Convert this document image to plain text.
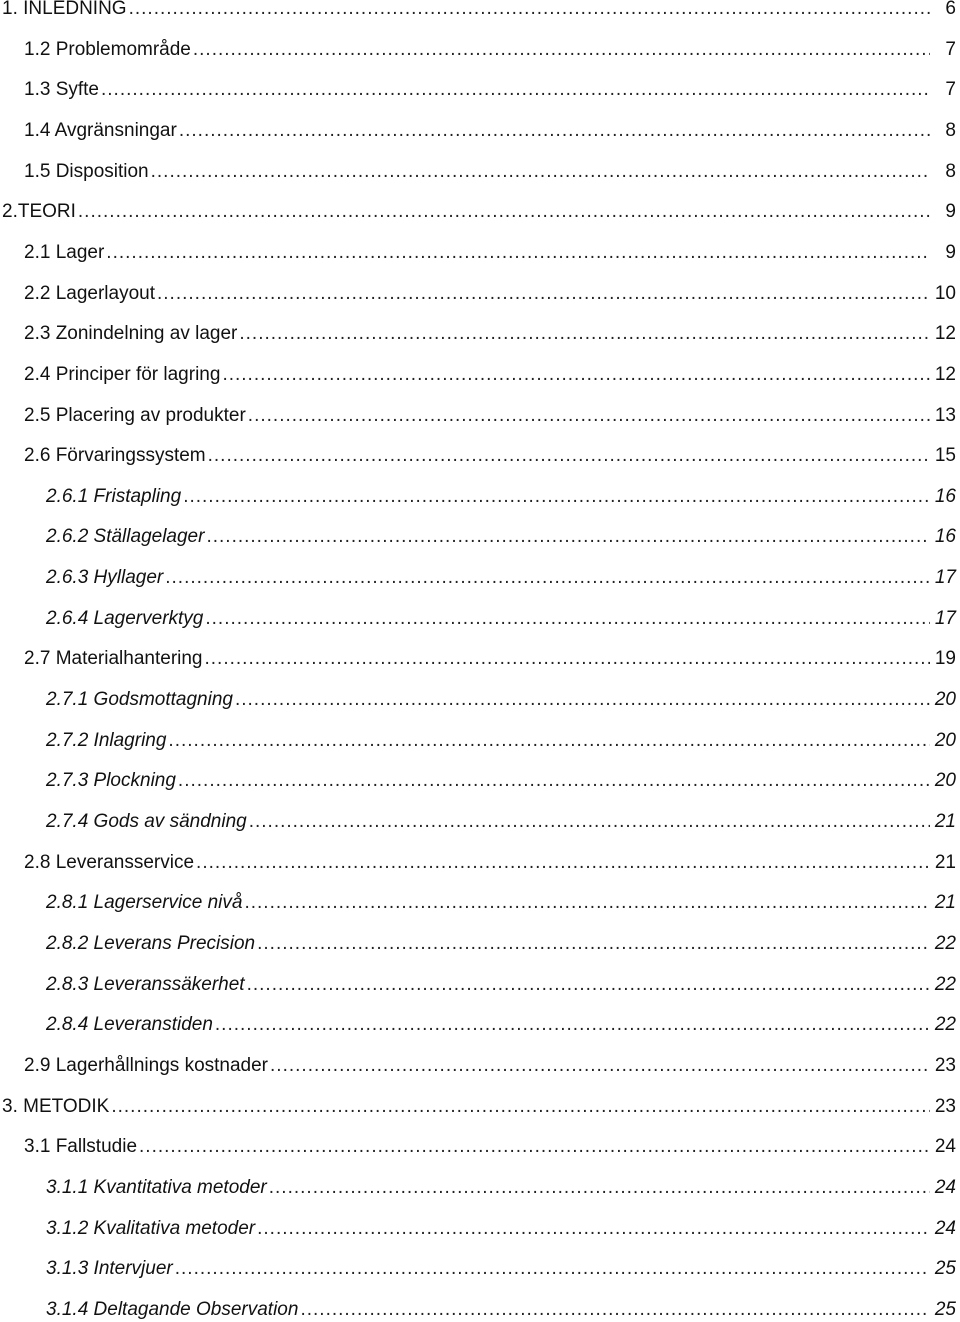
1. INLEDNING .....	6
1.2 Problemområde .....	7
1.3 Syfte .....	7
1.4 Avgränsningar .....	8
1.5 Disposition .....	8
2.TEORI .....	9
2.1 Lager .....	9
2.2 Lagerlayout .....	10
2.3 Zonindelning av lager .....	12
2.4 Principer för lagring .....	12
2.5 Placering av produkter .....	13
2.6 Förvaringssystem .....	15
2.6.1 Fristapling .....	16
2.6.2 Ställagelager .....	16
2.6.3 Hyllager .....	17
2.6.4 Lagerverktyg .....	17
2.7 Materialhantering .....	19
2.7.1 Godsmottagning .....	20
2.7.2 Inlagring .....	20
2.7.3 Plockning .....	20
2.7.4 Gods av sändning .....	21
2.8 Leveransservice .....	21
2.8.1 Lagerservice nivå .....	21
2.8.2 Leverans Precision .....	22
2.8.3 Leveranssäkerhet .....	22
2.8.4 Leveranstiden .....	22
2.9 Lagerhållnings kostnader .....	23
3. METODIK .....	23
3.1 Fallstudie .....	24
3.1.1 Kvantitativa metoder .....	24
3.1.2 Kvalitativa metoder .....	24
3.1.3 Intervjuer .....	25
3.1.4 Deltagande Observation .....	25
